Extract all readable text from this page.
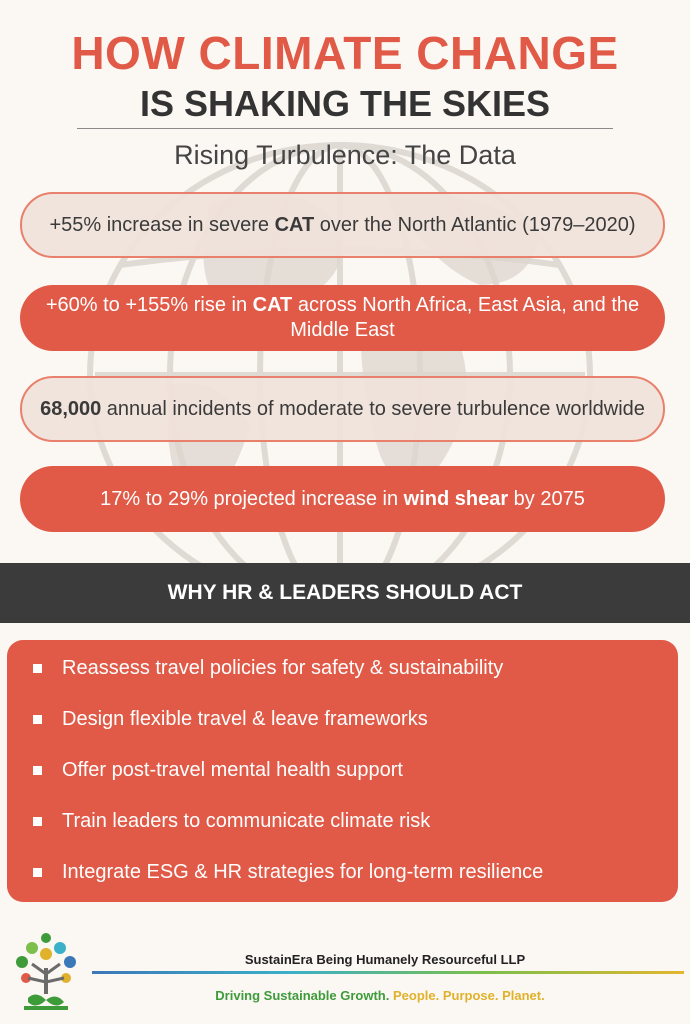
HOW CLIMATE CHANGE
IS SHAKING THE SKIES
Rising Turbulence: The Data
+55% increase in severe CAT over the North Atlantic (1979–2020)
+60% to +155% rise in CAT across North Africa, East Asia, and the Middle East
68,000 annual incidents of moderate to severe turbulence worldwide
17% to 29% projected increase in wind shear by 2075
WHY HR & LEADERS SHOULD ACT
Reassess travel policies for safety & sustainability
Design flexible travel & leave frameworks
Offer post-travel mental health support
Train leaders to communicate climate risk
Integrate ESG & HR strategies for long-term resilience
SustainEra Being Humanely Resourceful LLP
Driving Sustainable Growth. People. Purpose. Planet.
